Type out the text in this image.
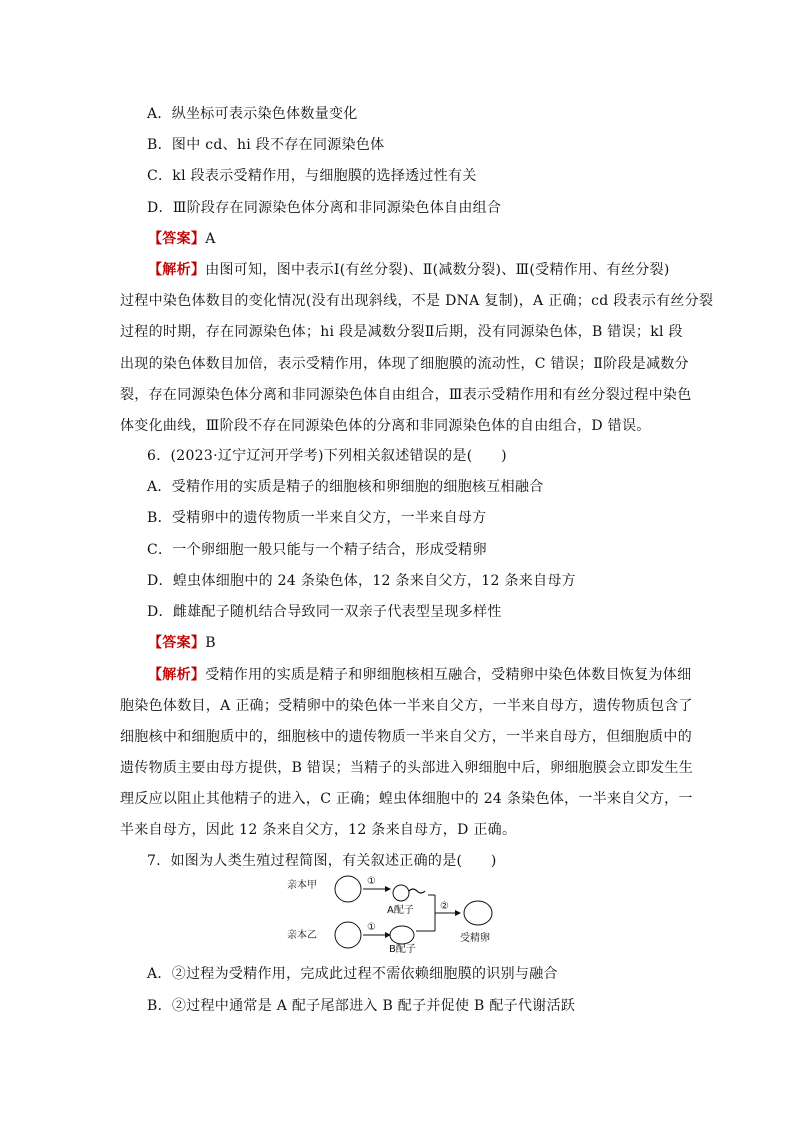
A．纵坐标可表示染色体数量变化
B．图中 cd、hi 段不存在同源染色体
C．kl 段表示受精作用，与细胞膜的选择透过性有关
D．Ⅲ阶段存在同源染色体分离和非同源染色体自由组合
【答案】A
【解析】由图可知，图中表示Ⅰ(有丝分裂)、Ⅱ(减数分裂)、Ⅲ(受精作用、有丝分裂)
过程中染色体数目的变化情况(没有出现斜线，不是 DNA 复制)，A 正确；cd 段表示有丝分裂
过程的时期，存在同源染色体；hi 段是减数分裂Ⅱ后期，没有同源染色体，B 错误；kl 段
出现的染色体数目加倍，表示受精作用，体现了细胞膜的流动性，C 错误；Ⅱ阶段是减数分
裂，存在同源染色体分离和非同源染色体自由组合，Ⅲ表示受精作用和有丝分裂过程中染色
体变化曲线，Ⅲ阶段不存在同源染色体的分离和非同源染色体的自由组合，D 错误。
6．(2023·辽宁辽河开学考)下列相关叙述错误的是(　　)
A．受精作用的实质是精子的细胞核和卵细胞的细胞核互相融合
B．受精卵中的遗传物质一半来自父方，一半来自母方
C．一个卵细胞一般只能与一个精子结合，形成受精卵
D．蝗虫体细胞中的 24 条染色体，12 条来自父方，12 条来自母方
D．雌雄配子随机结合导致同一双亲子代表型呈现多样性
【答案】B
【解析】受精作用的实质是精子和卵细胞核相互融合，受精卵中染色体数目恢复为体细
胞染色体数目，A 正确；受精卵中的染色体一半来自父方，一半来自母方，遗传物质包含了
细胞核中和细胞质中的，细胞核中的遗传物质一半来自父方，一半来自母方，但细胞质中的
遗传物质主要由母方提供，B 错误；当精子的头部进入卵细胞中后，卵细胞膜会立即发生生
理反应以阻止其他精子的进入，C 正确；蝗虫体细胞中的 24 条染色体，一半来自父方，一
半来自母方，因此 12 条来自父方，12 条来自母方，D 正确。
7．如图为人类生殖过程简图，有关叙述正确的是(　　)
亲本甲	①
A配子
亲本乙
①
B配子
②
受精卵
A．②过程为受精作用，完成此过程不需依赖细胞膜的识别与融合
B．②过程中通常是 A 配子尾部进入 B 配子并促使 B 配子代谢活跃
